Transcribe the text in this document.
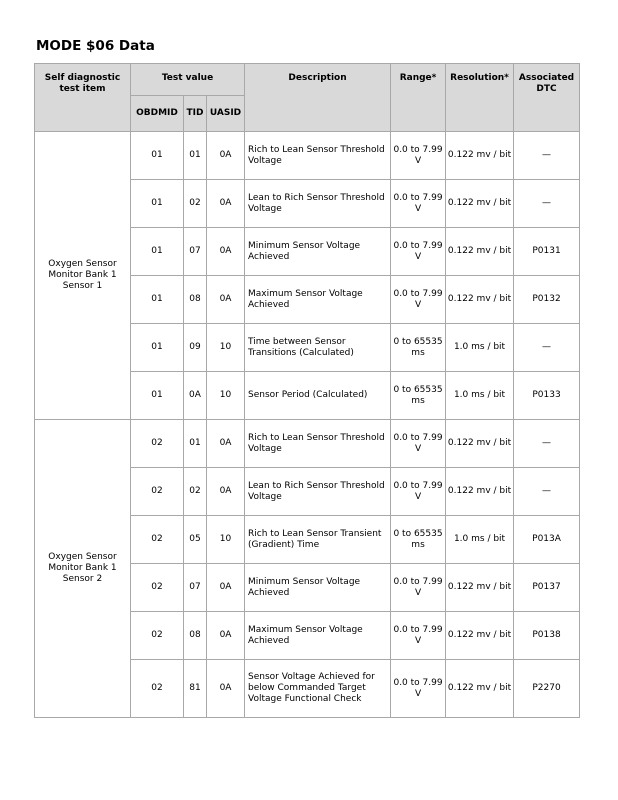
MODE $06 Data
Self diagnostic test item	Test value			Description	Range*	Resolution*	Associated DTC
	OBDMID	TID	UASID				
Oxygen Sensor Monitor Bank 1 Sensor 1	01	01	0A	Rich to Lean Sensor Threshold Voltage	0.0 to 7.99 V	0.122 mv / bit	—
	01	02	0A	Lean to Rich Sensor Threshold Voltage	0.0 to 7.99 V	0.122 mv / bit	—
	01	07	0A	Minimum Sensor Voltage Achieved	0.0 to 7.99 V	0.122 mv / bit	P0131
	01	08	0A	Maximum Sensor Voltage Achieved	0.0 to 7.99 V	0.122 mv / bit	P0132
	01	09	10	Time between Sensor Transitions (Calculated)	0 to 65535 ms	1.0 ms / bit	—
	01	0A	10	Sensor Period (Calculated)	0 to 65535 ms	1.0 ms / bit	P0133
Oxygen Sensor Monitor Bank 1 Sensor 2	02	01	0A	Rich to Lean Sensor Threshold Voltage	0.0 to 7.99 V	0.122 mv / bit	—
	02	02	0A	Lean to Rich Sensor Threshold Voltage	0.0 to 7.99 V	0.122 mv / bit	—
	02	05	10	Rich to Lean Sensor Transient (Gradient) Time	0 to 65535 ms	1.0 ms / bit	P013A
	02	07	0A	Minimum Sensor Voltage Achieved	0.0 to 7.99 V	0.122 mv / bit	P0137
	02	08	0A	Maximum Sensor Voltage Achieved	0.0 to 7.99 V	0.122 mv / bit	P0138
	02	81	0A	Sensor Voltage Achieved for below Commanded Target Voltage Functional Check	0.0 to 7.99 V	0.122 mv / bit	P2270
